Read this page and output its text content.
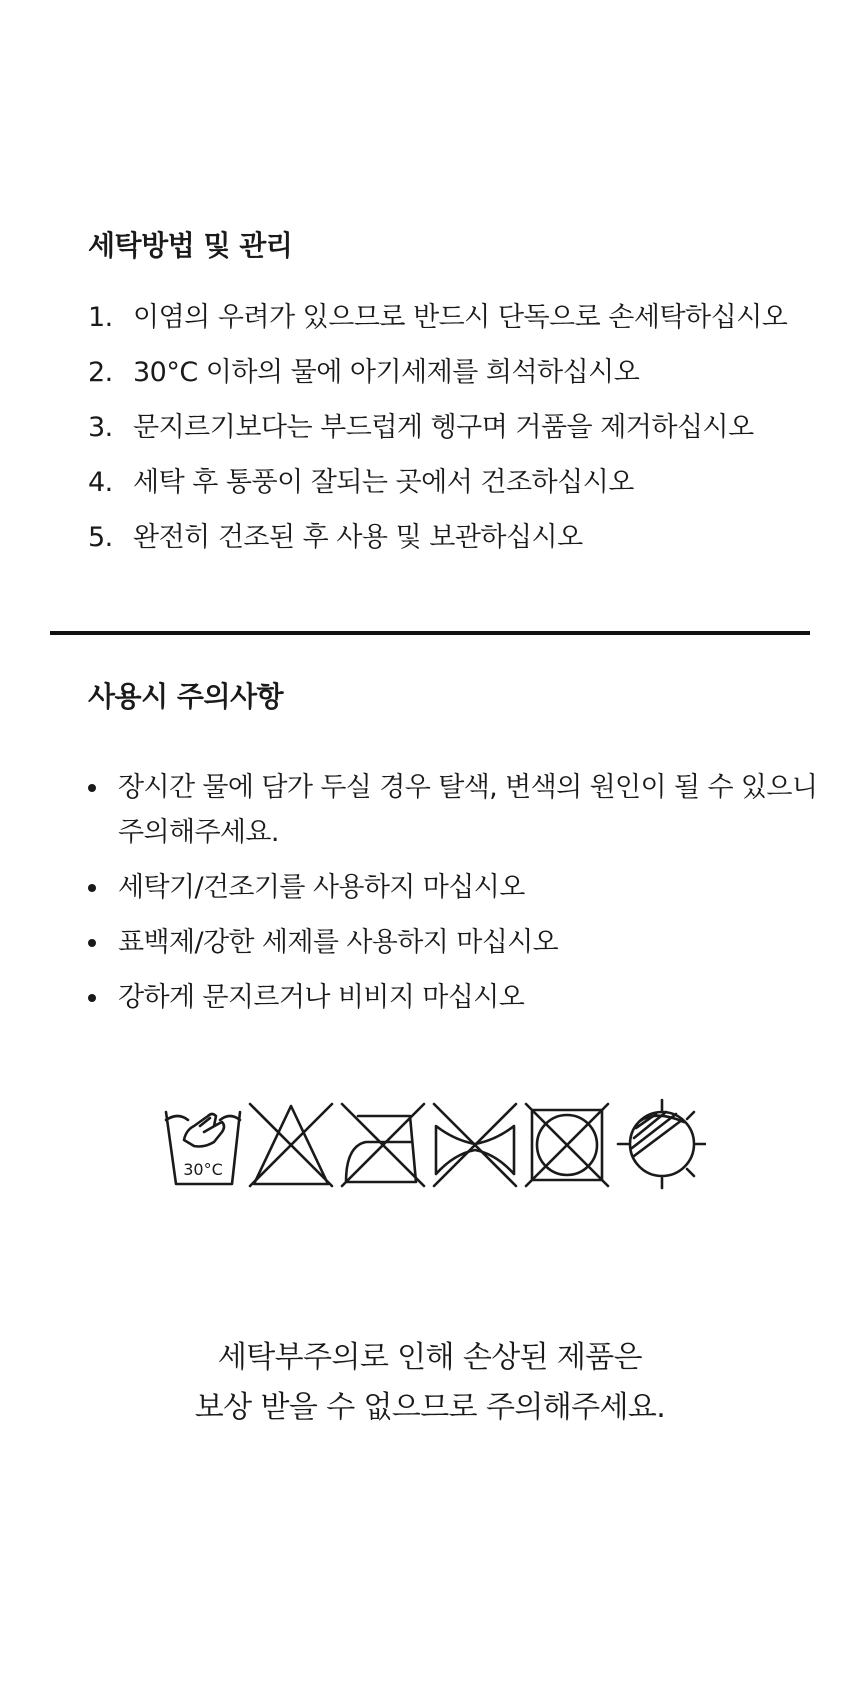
세탁방법 및 관리
1. 이염의 우려가 있으므로 반드시 단독으로 손세탁하십시오
2. 30°C 이하의 물에 아기세제를 희석하십시오
3. 문지르기보다는 부드럽게 헹구며 거품을 제거하십시오
4. 세탁 후 통풍이 잘되는 곳에서 건조하십시오
5. 완전히 건조된 후 사용 및 보관하십시오
사용시 주의사항
장시간 물에 담가 두실 경우 탈색, 변색의 원인이 될 수 있으니 주의해주세요.
세탁기/건조기를 사용하지 마십시오
표백제/강한 세제를 사용하지 마십시오
강하게 문지르거나 비비지 마십시오
30°C

세탁부주의로 인해 손상된 제품은

보상 받을 수 없으므로 주의해주세요.
